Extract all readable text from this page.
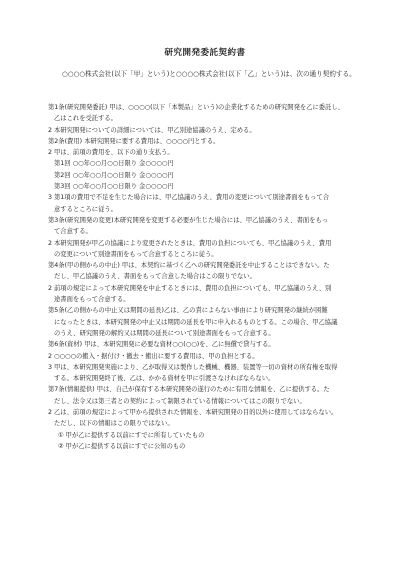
研究開発委託契約書
○○○○株式会社(以下「甲」という)と○○○○株式会社(以下「乙」という)は、次の通り契約する。
第1条(研究開発委託) 甲は、○○○○(以下「本製品」という)の企業化するための研究開発を乙に委託し、
乙はこれを受託する。
2 本研究開発についての詳細については、甲乙別途協議のうえ、定める。
第2条(費用) 本研究開発に要する費用は、○○○○円とする。
2 甲は、前項の費用を、以下の通り支払う。
第1回 ○○年○○月○○日限り 金○○○○円
第2回 ○○年○○月○○日限り 金○○○○円
第3回 ○○年○○月○○日限り 金○○○○円
3 第1項の費用で不足を生じた場合には、甲乙協議のうえ、費用の変更について別途書面をもって合
意するところに従う。
第3条(研究開発の変更)本研究開発を変更する必要が生じた場合には、甲乙協議のうえ、書面をもっ
て合意する。
2 本研究開発が甲乙の協議により変更されたときは、費用の負担についても、甲乙協議のうえ、費用
の変更について別途書面をもって合意するところに従う。
第4条(甲の側からの中止) 甲は、本契約に基づく乙への研究開発委託を中止することはできない。た
だし、甲乙協議のうえ、書面をもって合意した場合はこの限りでない。
2 前項の規定によって本研究開発を中止するときには、費用の負担についても、甲乙協議のうえ、別
途書面をもって合意する。
第5条(乙の側からの中止又は期間の延長)乙は、乙の責によらない事由により研究開発の継続が困難
になったときは、本研究開発の中止又は期間の延長を甲に申入れるものとする。この場合、甲乙協議
のうえ、研究開発の解約又は期間の延長について別途書面をもって合意する。
第6条(資材) 甲は、本研究開発に必要な資材○○(○○)を、乙に無償で貸与する。
2 ○○○○の搬入・据付け・撤去・搬出に要する費用は、甲の負担とする。
3 甲は、本研究開発実施により、乙が取得又は製作した機械、機器、装置等一切の資材の所有権を取得
する。本研究開発終了後、乙は、かかる資材を甲に引渡さなければならない。
第7条(情報提供) 甲は、自己が保有する本研究開発の遂行のために有用な情報を、乙に提供する。た
だし、法令又は第三者との契約によって制限されている情報についてはこの限りでない。
2 乙は、前項の規定によって甲から提供された情報を、本研究開発の目的以外に使用してはならない。
ただし、以下の情報はこの限りではない。
① 甲が乙に提供する以前にすでに所有していたもの
② 甲が乙に提供する以前にすでに公知のもの
